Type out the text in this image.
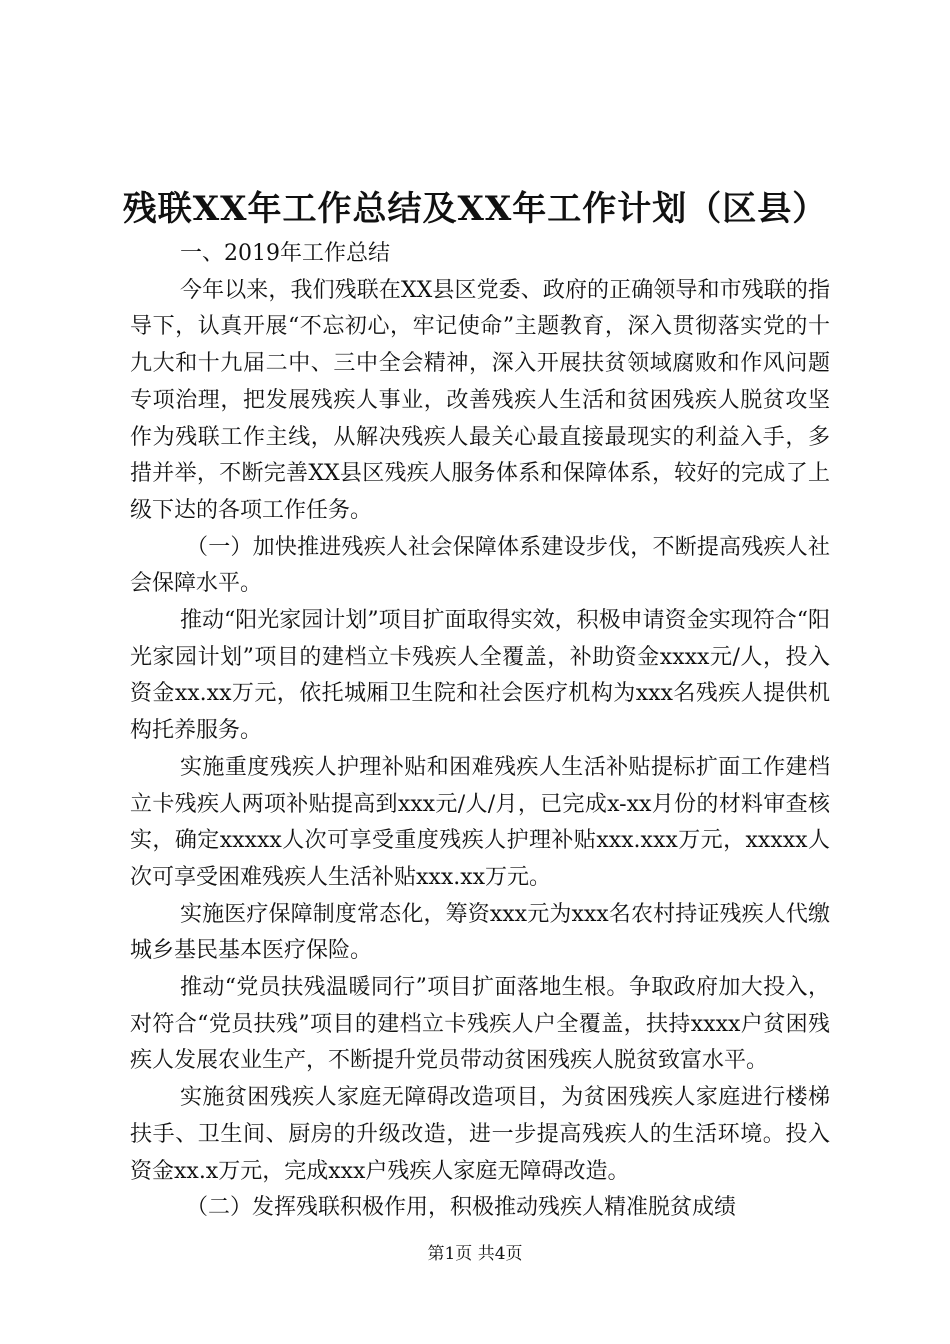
残联XX年工作总结及XX年工作计划（区县）

一、2019年工作总结

今年以来，我们残联在XX县区党委、政府的正确领导和市残联的指导下，认真开展“不忘初心，牢记使命”主题教育，深入贯彻落实党的十九大和十九届二中、三中全会精神，深入开展扶贫领域腐败和作风问题专项治理，把发展残疾人事业，改善残疾人生活和贫困残疾人脱贫攻坚作为残联工作主线，从解决残疾人最关心最直接最现实的利益入手，多措并举，不断完善XX县区残疾人服务体系和保障体系，较好的完成了上级下达的各项工作任务。

（一）加快推进残疾人社会保障体系建设步伐，不断提高残疾人社会保障水平。

推动“阳光家园计划”项目扩面取得实效，积极申请资金实现符合“阳光家园计划”项目的建档立卡残疾人全覆盖，补助资金xxxx元/人，投入资金xx.xx万元，依托城厢卫生院和社会医疗机构为xxx名残疾人提供机构托养服务。

实施重度残疾人护理补贴和困难残疾人生活补贴提标扩面工作建档立卡残疾人两项补贴提高到xxx元/人/月，已完成x-xx月份的材料审查核实，确定xxxxx人次可享受重度残疾人护理补贴xxx.xxx万元，xxxxx人次可享受困难残疾人生活补贴xxx.xx万元。

实施医疗保障制度常态化，筹资xxx元为xxx名农村持证残疾人代缴城乡基民基本医疗保险。

推动“党员扶残温暖同行”项目扩面落地生根。争取政府加大投入，对符合“党员扶残”项目的建档立卡残疾人户全覆盖，扶持xxxx户贫困残疾人发展农业生产，不断提升党员带动贫困残疾人脱贫致富水平。

实施贫困残疾人家庭无障碍改造项目，为贫困残疾人家庭进行楼梯扶手、卫生间、厨房的升级改造，进一步提高残疾人的生活环境。投入资金xx.x万元，完成xxx户残疾人家庭无障碍改造。

（二）发挥残联积极作用，积极推动残疾人精准脱贫成绩

第1页 共4页
